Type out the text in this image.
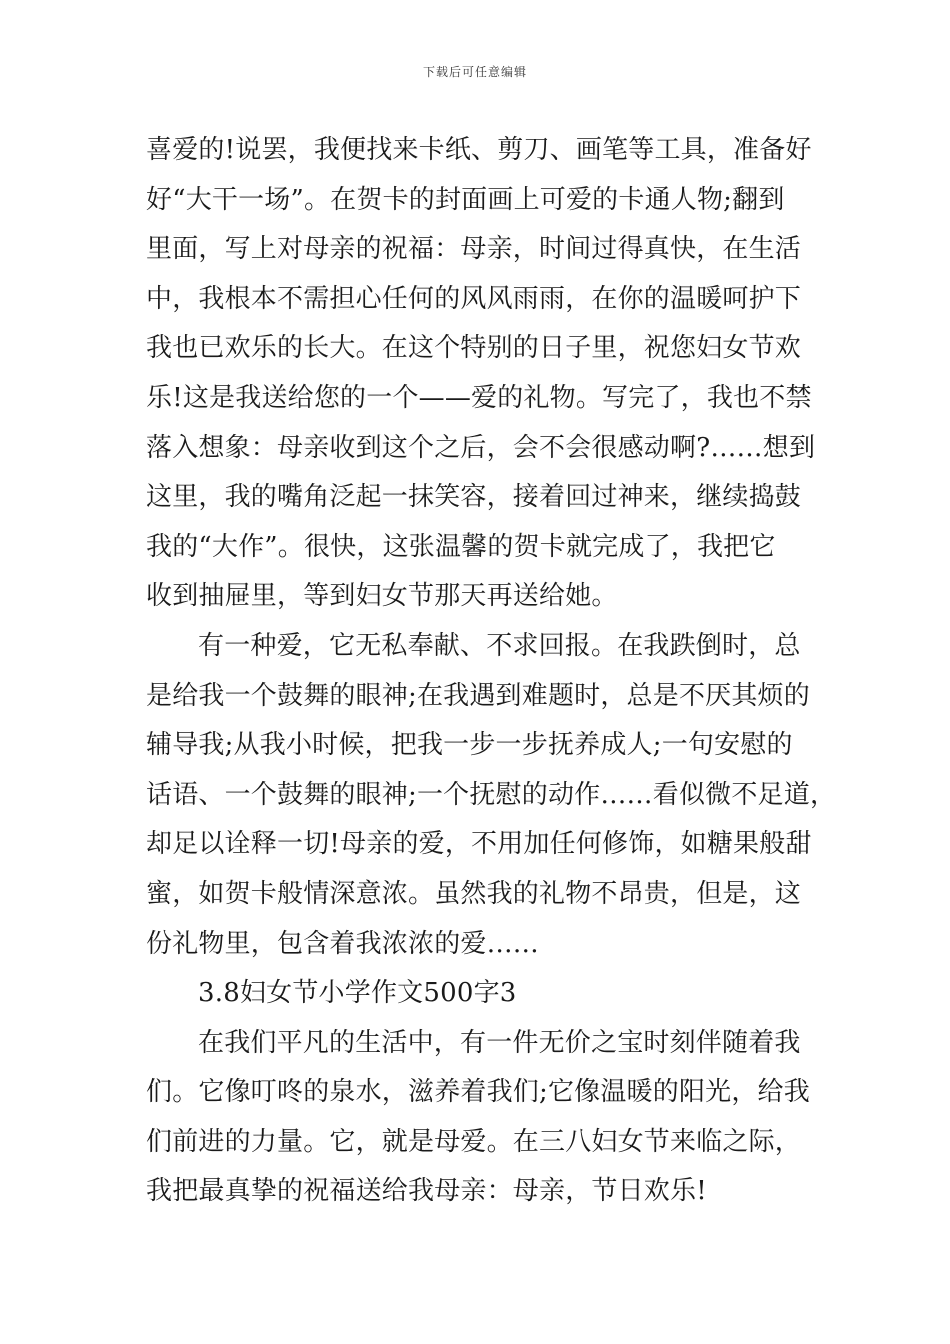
下载后可任意编辑
喜爱的!说罢，我便找来卡纸、剪刀、画笔等工具，准备好
好“大干一场”。在贺卡的封面画上可爱的卡通人物;翻到
里面，写上对母亲的祝福：母亲，时间过得真快，在生活
中，我根本不需担心任何的风风雨雨，在你的温暖呵护下
我也已欢乐的长大。在这个特别的日子里，祝您妇女节欢
乐!这是我送给您的一个——爱的礼物。写完了，我也不禁
落入想象：母亲收到这个之后，会不会很感动啊?……想到
这里，我的嘴角泛起一抹笑容，接着回过神来，继续捣鼓
我的“大作”。很快，这张温馨的贺卡就完成了，我把它
收到抽屉里，等到妇女节那天再送给她。
有一种爱，它无私奉献、不求回报。在我跌倒时，总
是给我一个鼓舞的眼神;在我遇到难题时，总是不厌其烦的
辅导我;从我小时候，把我一步一步抚养成人;一句安慰的
话语、一个鼓舞的眼神;一个抚慰的动作……看似微不足道，
却足以诠释一切!母亲的爱，不用加任何修饰，如糖果般甜
蜜，如贺卡般情深意浓。虽然我的礼物不昂贵，但是，这
份礼物里，包含着我浓浓的爱……
3.8妇女节小学作文500字3
在我们平凡的生活中，有一件无价之宝时刻伴随着我
们。它像叮咚的泉水，滋养着我们;它像温暖的阳光，给我
们前进的力量。它，就是母爱。在三八妇女节来临之际，
我把最真挚的祝福送给我母亲：母亲，节日欢乐!
